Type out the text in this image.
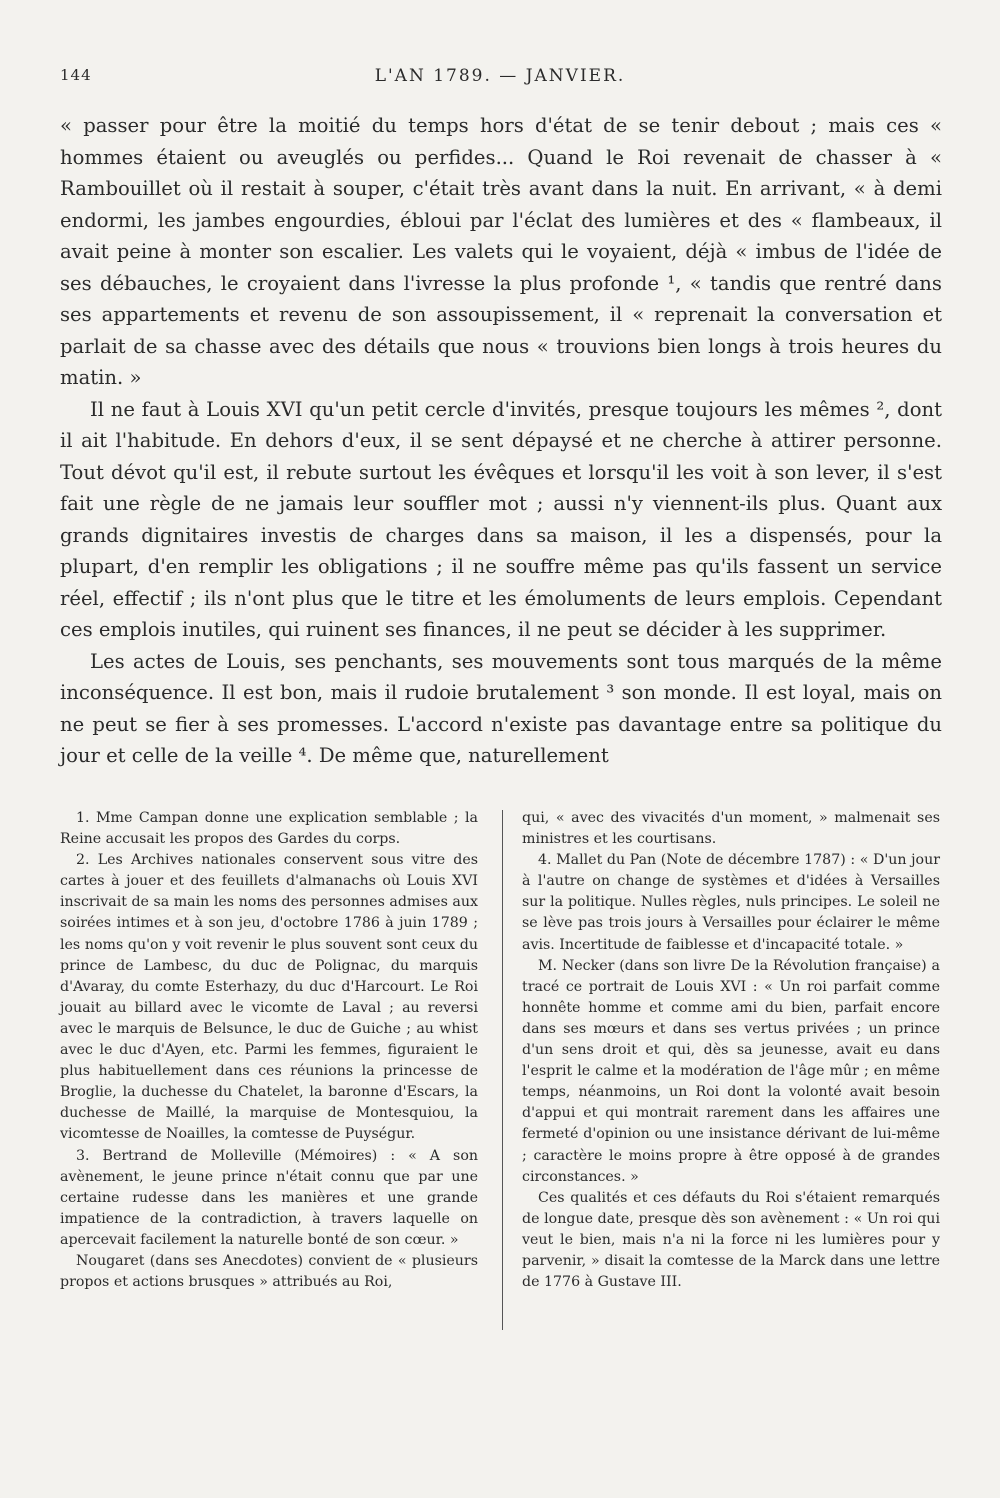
144	L'AN 1789. — JANVIER.

« passer pour être la moitié du temps hors d'état de se tenir debout ; mais ces « hommes étaient ou aveuglés ou perfides... Quand le Roi revenait de chasser à « Rambouillet où il restait à souper, c'était très avant dans la nuit. En arrivant, « à demi endormi, les jambes engourdies, ébloui par l'éclat des lumières et des « flambeaux, il avait peine à monter son escalier. Les valets qui le voyaient, déjà « imbus de l'idée de ses débauches, le croyaient dans l'ivresse la plus profonde ¹, « tandis que rentré dans ses appartements et revenu de son assoupissement, il « reprenait la conversation et parlait de sa chasse avec des détails que nous « trouvions bien longs à trois heures du matin. »

Il ne faut à Louis XVI qu'un petit cercle d'invités, presque toujours les mêmes ², dont il ait l'habitude. En dehors d'eux, il se sent dépaysé et ne cherche à attirer personne. Tout dévot qu'il est, il rebute surtout les évêques et lorsqu'il les voit à son lever, il s'est fait une règle de ne jamais leur souffler mot ; aussi n'y viennent-ils plus. Quant aux grands dignitaires investis de charges dans sa maison, il les a dispensés, pour la plupart, d'en remplir les obligations ; il ne souffre même pas qu'ils fassent un service réel, effectif ; ils n'ont plus que le titre et les émoluments de leurs emplois. Cependant ces emplois inutiles, qui ruinent ses finances, il ne peut se décider à les supprimer.

Les actes de Louis, ses penchants, ses mouvements sont tous marqués de la même inconséquence. Il est bon, mais il rudoie brutalement ³ son monde. Il est loyal, mais on ne peut se fier à ses promesses. L'accord n'existe pas davantage entre sa politique du jour et celle de la veille ⁴. De même que, naturellement

1. Mme Campan donne une explication semblable ; la Reine accusait les propos des Gardes du corps.

2. Les Archives nationales conservent sous vitre des cartes à jouer et des feuillets d'almanachs où Louis XVI inscrivait de sa main les noms des personnes admises aux soirées intimes et à son jeu, d'octobre 1786 à juin 1789 ; les noms qu'on y voit revenir le plus souvent sont ceux du prince de Lambesc, du duc de Polignac, du marquis d'Avaray, du comte Esterhazy, du duc d'Harcourt. Le Roi jouait au billard avec le vicomte de Laval ; au reversi avec le marquis de Belsunce, le duc de Guiche ; au whist avec le duc d'Ayen, etc. Parmi les femmes, figuraient le plus habituellement dans ces réunions la princesse de Broglie, la duchesse du Chatelet, la baronne d'Escars, la duchesse de Maillé, la marquise de Montesquiou, la vicomtesse de Noailles, la comtesse de Puységur.

3. Bertrand de Molleville (Mémoires) : « A son avènement, le jeune prince n'était connu que par une certaine rudesse dans les manières et une grande impatience de la contradiction, à travers laquelle on apercevait facilement la naturelle bonté de son cœur. »

Nougaret (dans ses Anecdotes) convient de « plusieurs propos et actions brusques » attribués au Roi,

qui, « avec des vivacités d'un moment, » malmenait ses ministres et les courtisans.

4. Mallet du Pan (Note de décembre 1787) : « D'un jour à l'autre on change de systèmes et d'idées à Versailles sur la politique. Nulles règles, nuls principes. Le soleil ne se lève pas trois jours à Versailles pour éclairer le même avis. Incertitude de faiblesse et d'incapacité totale. »

M. Necker (dans son livre De la Révolution française) a tracé ce portrait de Louis XVI : « Un roi parfait comme honnête homme et comme ami du bien, parfait encore dans ses mœurs et dans ses vertus privées ; un prince d'un sens droit et qui, dès sa jeunesse, avait eu dans l'esprit le calme et la modération de l'âge mûr ; en même temps, néanmoins, un Roi dont la volonté avait besoin d'appui et qui montrait rarement dans les affaires une fermeté d'opinion ou une insistance dérivant de lui-même ; caractère le moins propre à être opposé à de grandes circonstances. »

Ces qualités et ces défauts du Roi s'étaient remarqués de longue date, presque dès son avènement : « Un roi qui veut le bien, mais n'a ni la force ni les lumières pour y parvenir, » disait la comtesse de la Marck dans une lettre de 1776 à Gustave III.
